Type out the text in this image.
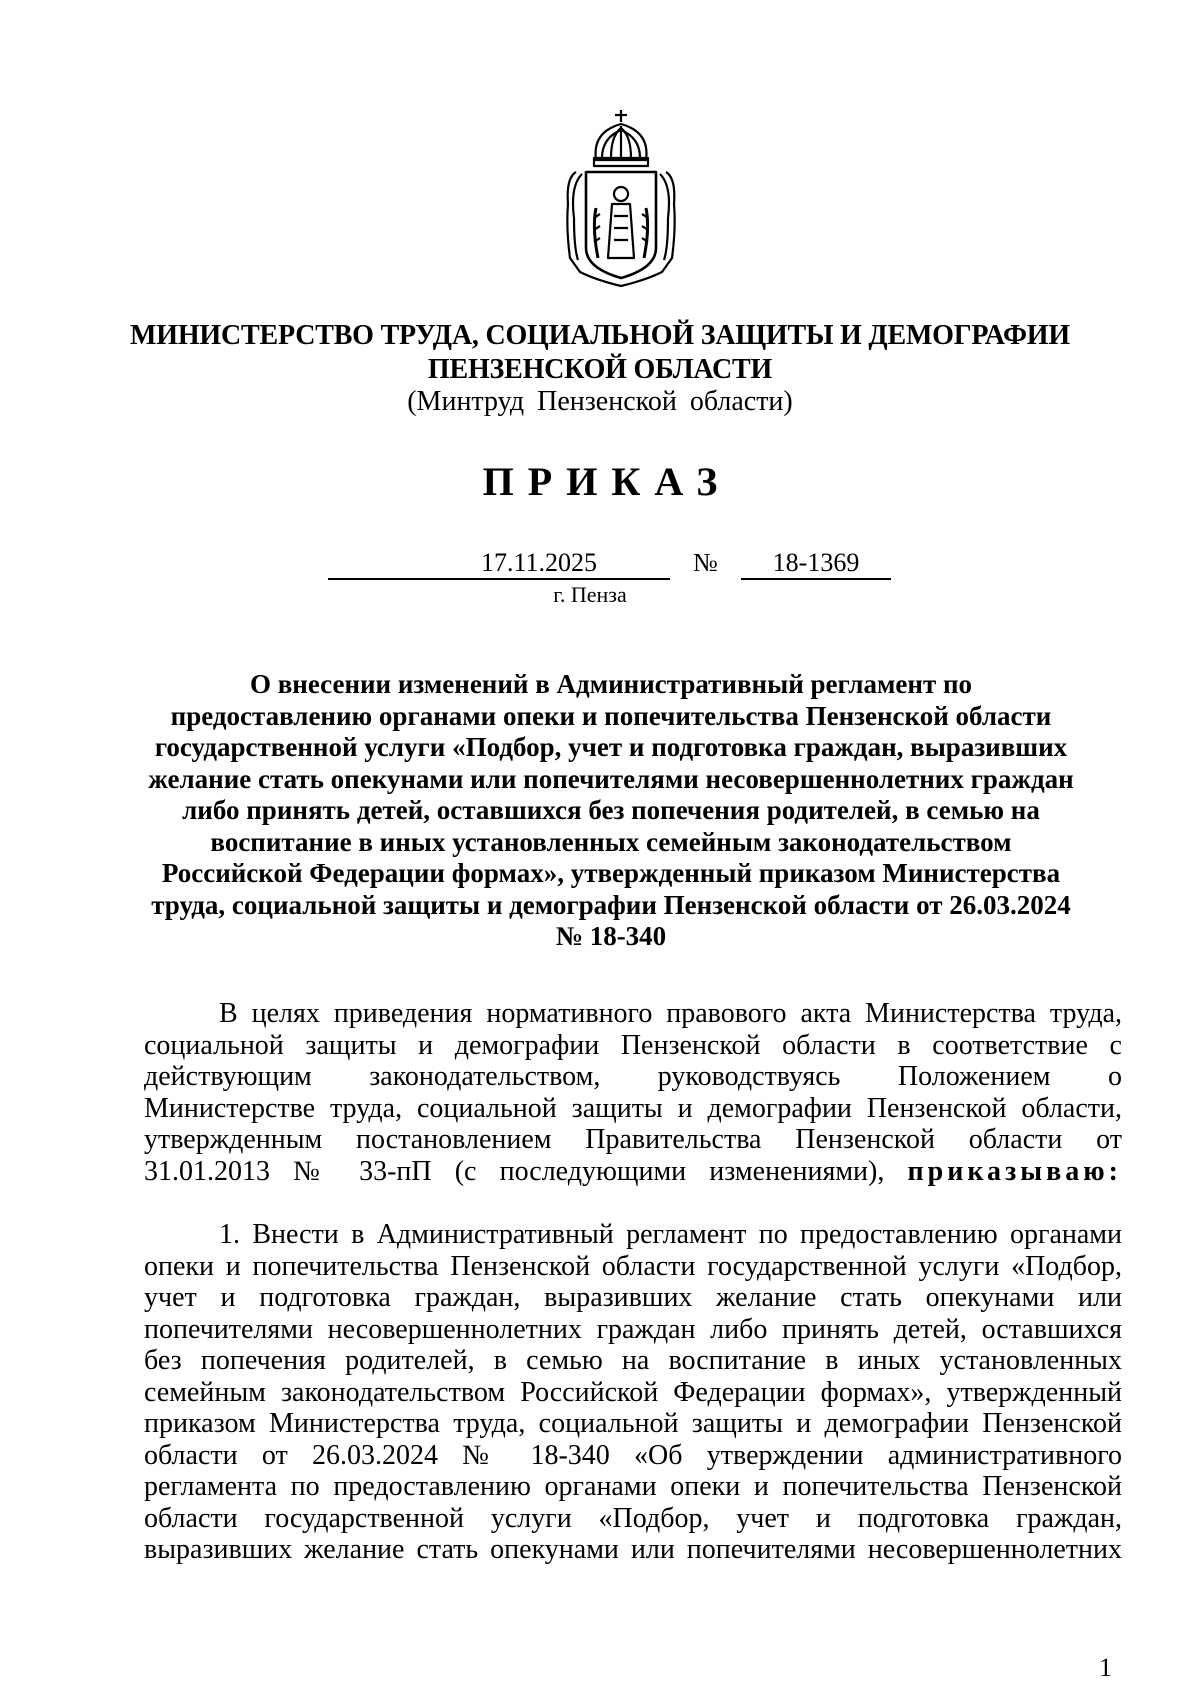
МИНИСТЕРСТВО ТРУДА, СОЦИАЛЬНОЙ ЗАЩИТЫ И ДЕМОГРАФИИ
ПЕНЗЕНСКОЙ ОБЛАСТИ
(Минтруд Пензенской области)
ПРИКАЗ
17.11.2025	№	18-1369
г. Пенза
О внесении изменений в Административный регламент по
предоставлению органами опеки и попечительства Пензенской области
государственной услуги «Подбор, учет и подготовка граждан, выразивших
желание стать опекунами или попечителями несовершеннолетних граждан
либо принять детей, оставшихся без попечения родителей, в семью на
воспитание в иных установленных семейным законодательством
Российской Федерации формах», утвержденный приказом Министерства
труда, социальной защиты и демографии Пензенской области от 26.03.2024
№ 18-340
В целях приведения нормативного правового акта Министерства труда,
социальной защиты и демографии Пензенской области в соответствие с
действующим законодательством, руководствуясь Положением о
Министерстве труда, социальной защиты и демографии Пензенской области,
утвержденным постановлением Правительства Пензенской области от
31.01.2013 № 33-пП (с последующими изменениями), приказываю:
1. Внести в Административный регламент по предоставлению органами
опеки и попечительства Пензенской области государственной услуги «Подбор,
учет и подготовка граждан, выразивших желание стать опекунами или
попечителями несовершеннолетних граждан либо принять детей, оставшихся
без попечения родителей, в семью на воспитание в иных установленных
семейным законодательством Российской Федерации формах», утвержденный
приказом Министерства труда, социальной защиты и демографии Пензенской
области от 26.03.2024 № 18-340 «Об утверждении административного
регламента по предоставлению органами опеки и попечительства Пензенской
области государственной услуги «Подбор, учет и подготовка граждан,
выразивших желание стать опекунами или попечителями несовершеннолетних
1
